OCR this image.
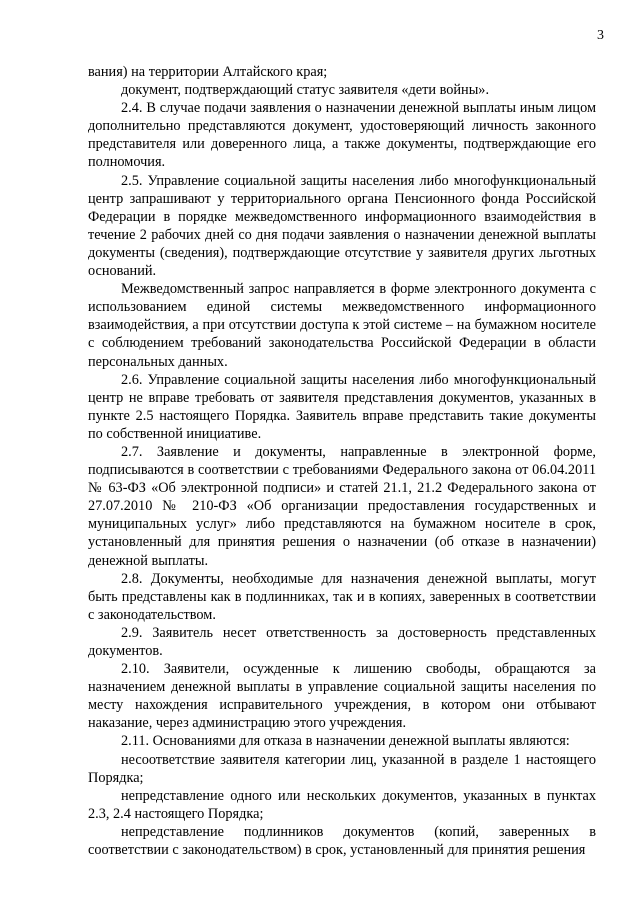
3

вания) на территории Алтайского края;

документ, подтверждающий статус заявителя «дети войны».

2.4. В случае подачи заявления о назначении денежной выплаты иным лицом дополнительно представляются документ, удостоверяющий личность законного представителя или доверенного лица, а также документы, подтверждающие его полномочия.

2.5. Управление социальной защиты населения либо многофункциональный центр запрашивают у территориального органа Пенсионного фонда Российской Федерации в порядке межведомственного информационного взаимодействия в течение 2 рабочих дней со дня подачи заявления о назначении денежной выплаты документы (сведения), подтверждающие отсутствие у заявителя других льготных оснований.

Межведомственный запрос направляется в форме электронного документа с использованием единой системы межведомственного информационного взаимодействия, а при отсутствии доступа к этой системе – на бумажном носителе с соблюдением требований законодательства Российской Федерации в области персональных данных.

2.6. Управление социальной защиты населения либо многофункциональный центр не вправе требовать от заявителя представления документов, указанных в пункте 2.5 настоящего Порядка. Заявитель вправе представить такие документы по собственной инициативе.

2.7. Заявление и документы, направленные в электронной форме, подписываются в соответствии с требованиями Федерального закона от 06.04.2011 № 63-ФЗ «Об электронной подписи» и статей 21.1, 21.2 Федерального закона от 27.07.2010 № 210-ФЗ «Об организации предоставления государственных и муниципальных услуг» либо представляются на бумажном носителе в срок, установленный для принятия решения о назначении (об отказе в назначении) денежной выплаты.

2.8. Документы, необходимые для назначения денежной выплаты, могут быть представлены как в подлинниках, так и в копиях, заверенных в соответствии с законодательством.

2.9. Заявитель несет ответственность за достоверность представленных документов.

2.10. Заявители, осужденные к лишению свободы, обращаются за назначением денежной выплаты в управление социальной защиты населения по месту нахождения исправительного учреждения, в котором они отбывают наказание, через администрацию этого учреждения.

2.11. Основаниями для отказа в назначении денежной выплаты являются:

несоответствие заявителя категории лиц, указанной в разделе 1 настоящего Порядка;

непредставление одного или нескольких документов, указанных в пунктах 2.3, 2.4 настоящего Порядка;

непредставление подлинников документов (копий, заверенных в соответствии с законодательством) в срок, установленный для принятия решения
